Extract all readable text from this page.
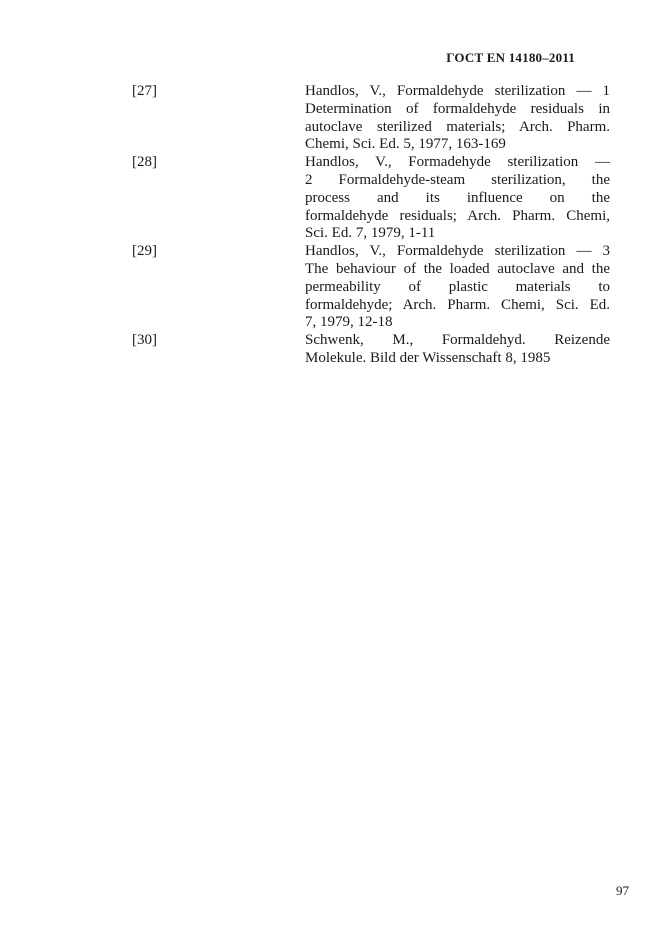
ГОСТ EN 14180–2011
[27]	Handlos, V., Formaldehyde sterilization — 1
Determination of formaldehyde residuals in
autoclave sterilized materials; Arch. Pharm.
Chemi, Sci. Ed. 5, 1977, 163-169
[28]	Handlos, V., Formadehyde sterilization —
2 Formaldehyde-steam sterilization, the
process and its influence on the
formaldehyde residuals; Arch. Pharm. Chemi,
Sci. Ed. 7, 1979, 1-11
[29]	Handlos, V., Formaldehyde sterilization — 3
The behaviour of the loaded autoclave and the
permeability of plastic materials to
formaldehyde; Arch. Pharm. Chemi, Sci. Ed.
7, 1979, 12-18
[30]	Schwenk, M., Formaldehyd. Reizende
Molekule. Bild der Wissenschaft 8, 1985
97
